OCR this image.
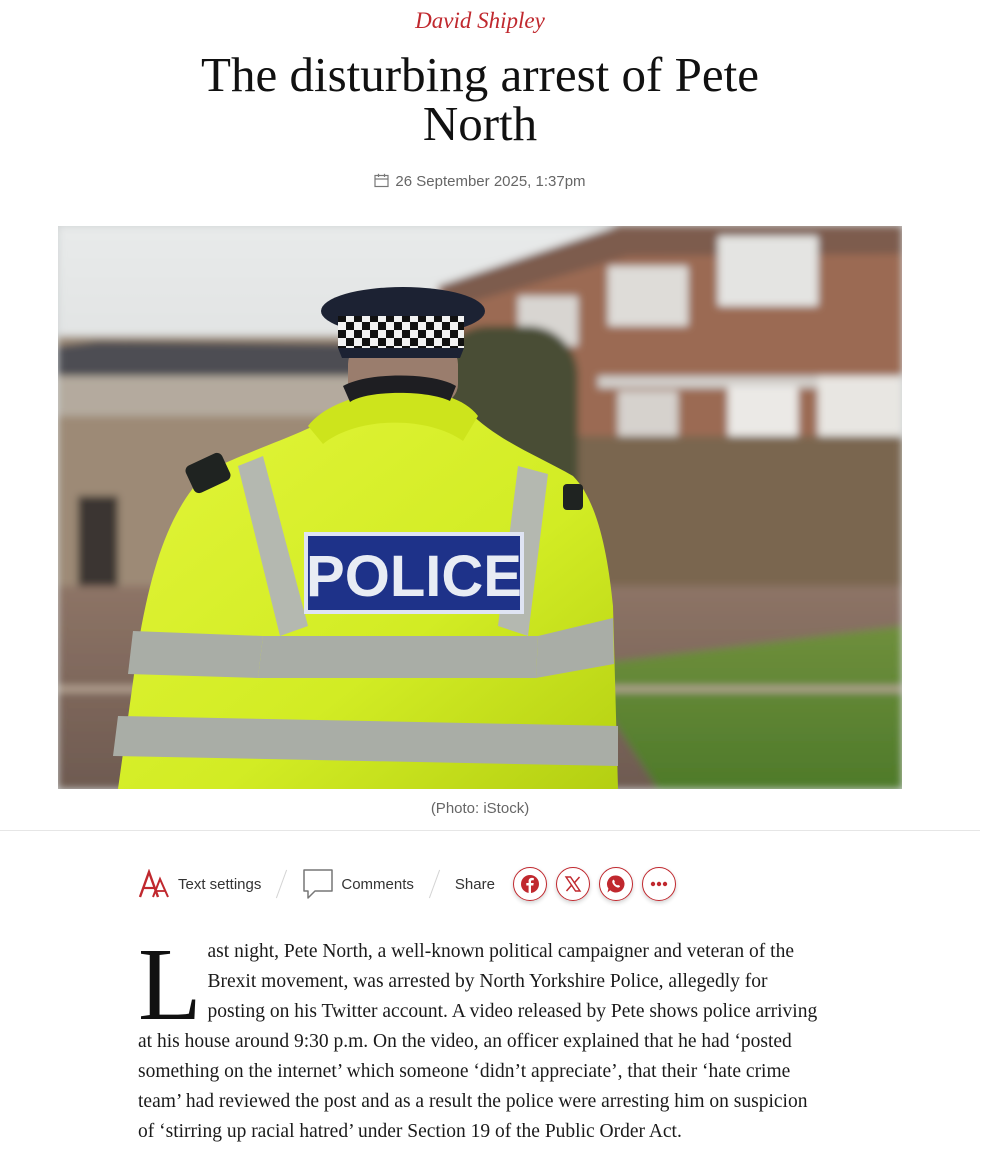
David Shipley
The disturbing arrest of Pete North
26 September 2025, 1:37pm
POLICE
(Photo: iStock)
Text settings	Comments	Share

Last night, Pete North, a well-known political campaigner and veteran of the Brexit movement, was arrested by North Yorkshire Police, allegedly for posting on his Twitter account. A video released by Pete shows police arriving at his house around 9:30 p.m. On the video, an officer explained that he had ‘posted something on the internet’ which someone ‘didn’t appreciate’, that their ‘hate crime team’ had reviewed the post and as a result the police were arresting him on suspicion of ‘stirring up racial hatred’ under Section 19 of the Public Order Act.
